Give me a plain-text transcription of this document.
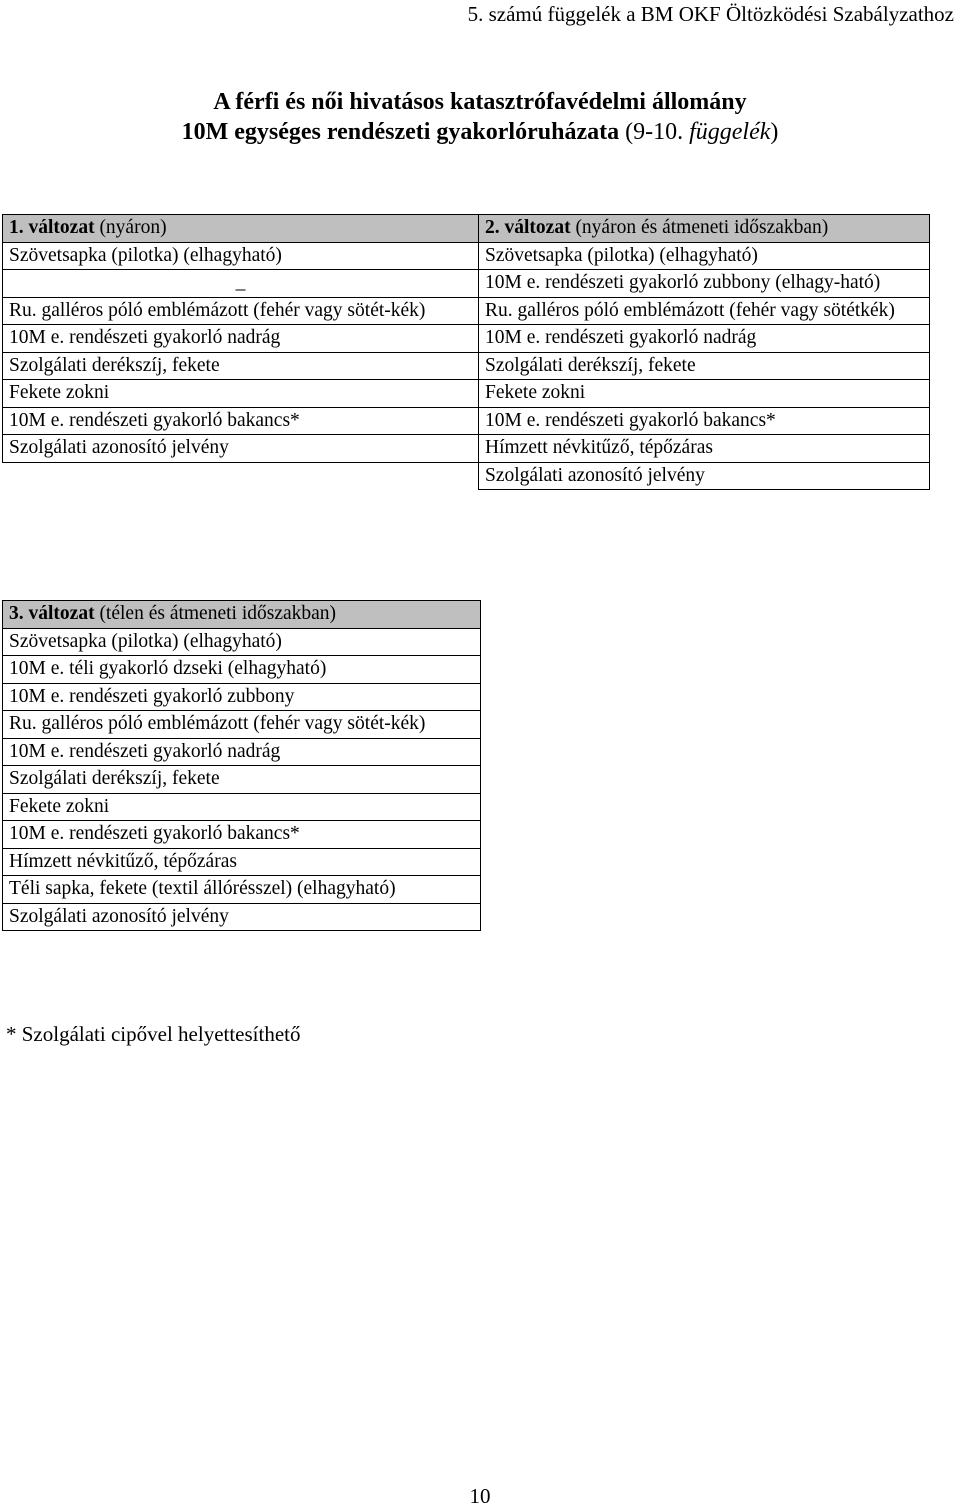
5. számú függelék a BM OKF Öltözködési Szabályzathoz
A férfi és női hivatásos katasztrófavédelmi állomány
10M egységes rendészeti gyakorlóruházata (9-10. függelék)
1. változat (nyáron)	2. változat (nyáron és átmeneti időszakban)
Szövetsapka (pilotka) (elhagyható)	Szövetsapka (pilotka) (elhagyható)
_	10M e. rendészeti gyakorló zubbony (elhagy-ható)
Ru. galléros póló emblémázott (fehér vagy sötét-kék)	Ru. galléros póló emblémázott (fehér vagy sötétkék)
10M e. rendészeti gyakorló nadrág	10M e. rendészeti gyakorló nadrág
Szolgálati derékszíj, fekete	Szolgálati derékszíj, fekete
Fekete zokni	Fekete zokni
10M e. rendészeti gyakorló bakancs*	10M e. rendészeti gyakorló bakancs*
Szolgálati azonosító jelvény	Hímzett névkitűző, tépőzáras
	Szolgálati azonosító jelvény
3. változat (télen és átmeneti időszakban)
Szövetsapka (pilotka) (elhagyható)
10M e. téli gyakorló dzseki (elhagyható)
10M e. rendészeti gyakorló zubbony
Ru. galléros póló emblémázott (fehér vagy sötét-kék)
10M e. rendészeti gyakorló nadrág
Szolgálati derékszíj, fekete
Fekete zokni
10M e. rendészeti gyakorló bakancs*
Hímzett névkitűző, tépőzáras
Téli sapka, fekete (textil állórésszel) (elhagyható)
Szolgálati azonosító jelvény
* Szolgálati cipővel helyettesíthető
10
